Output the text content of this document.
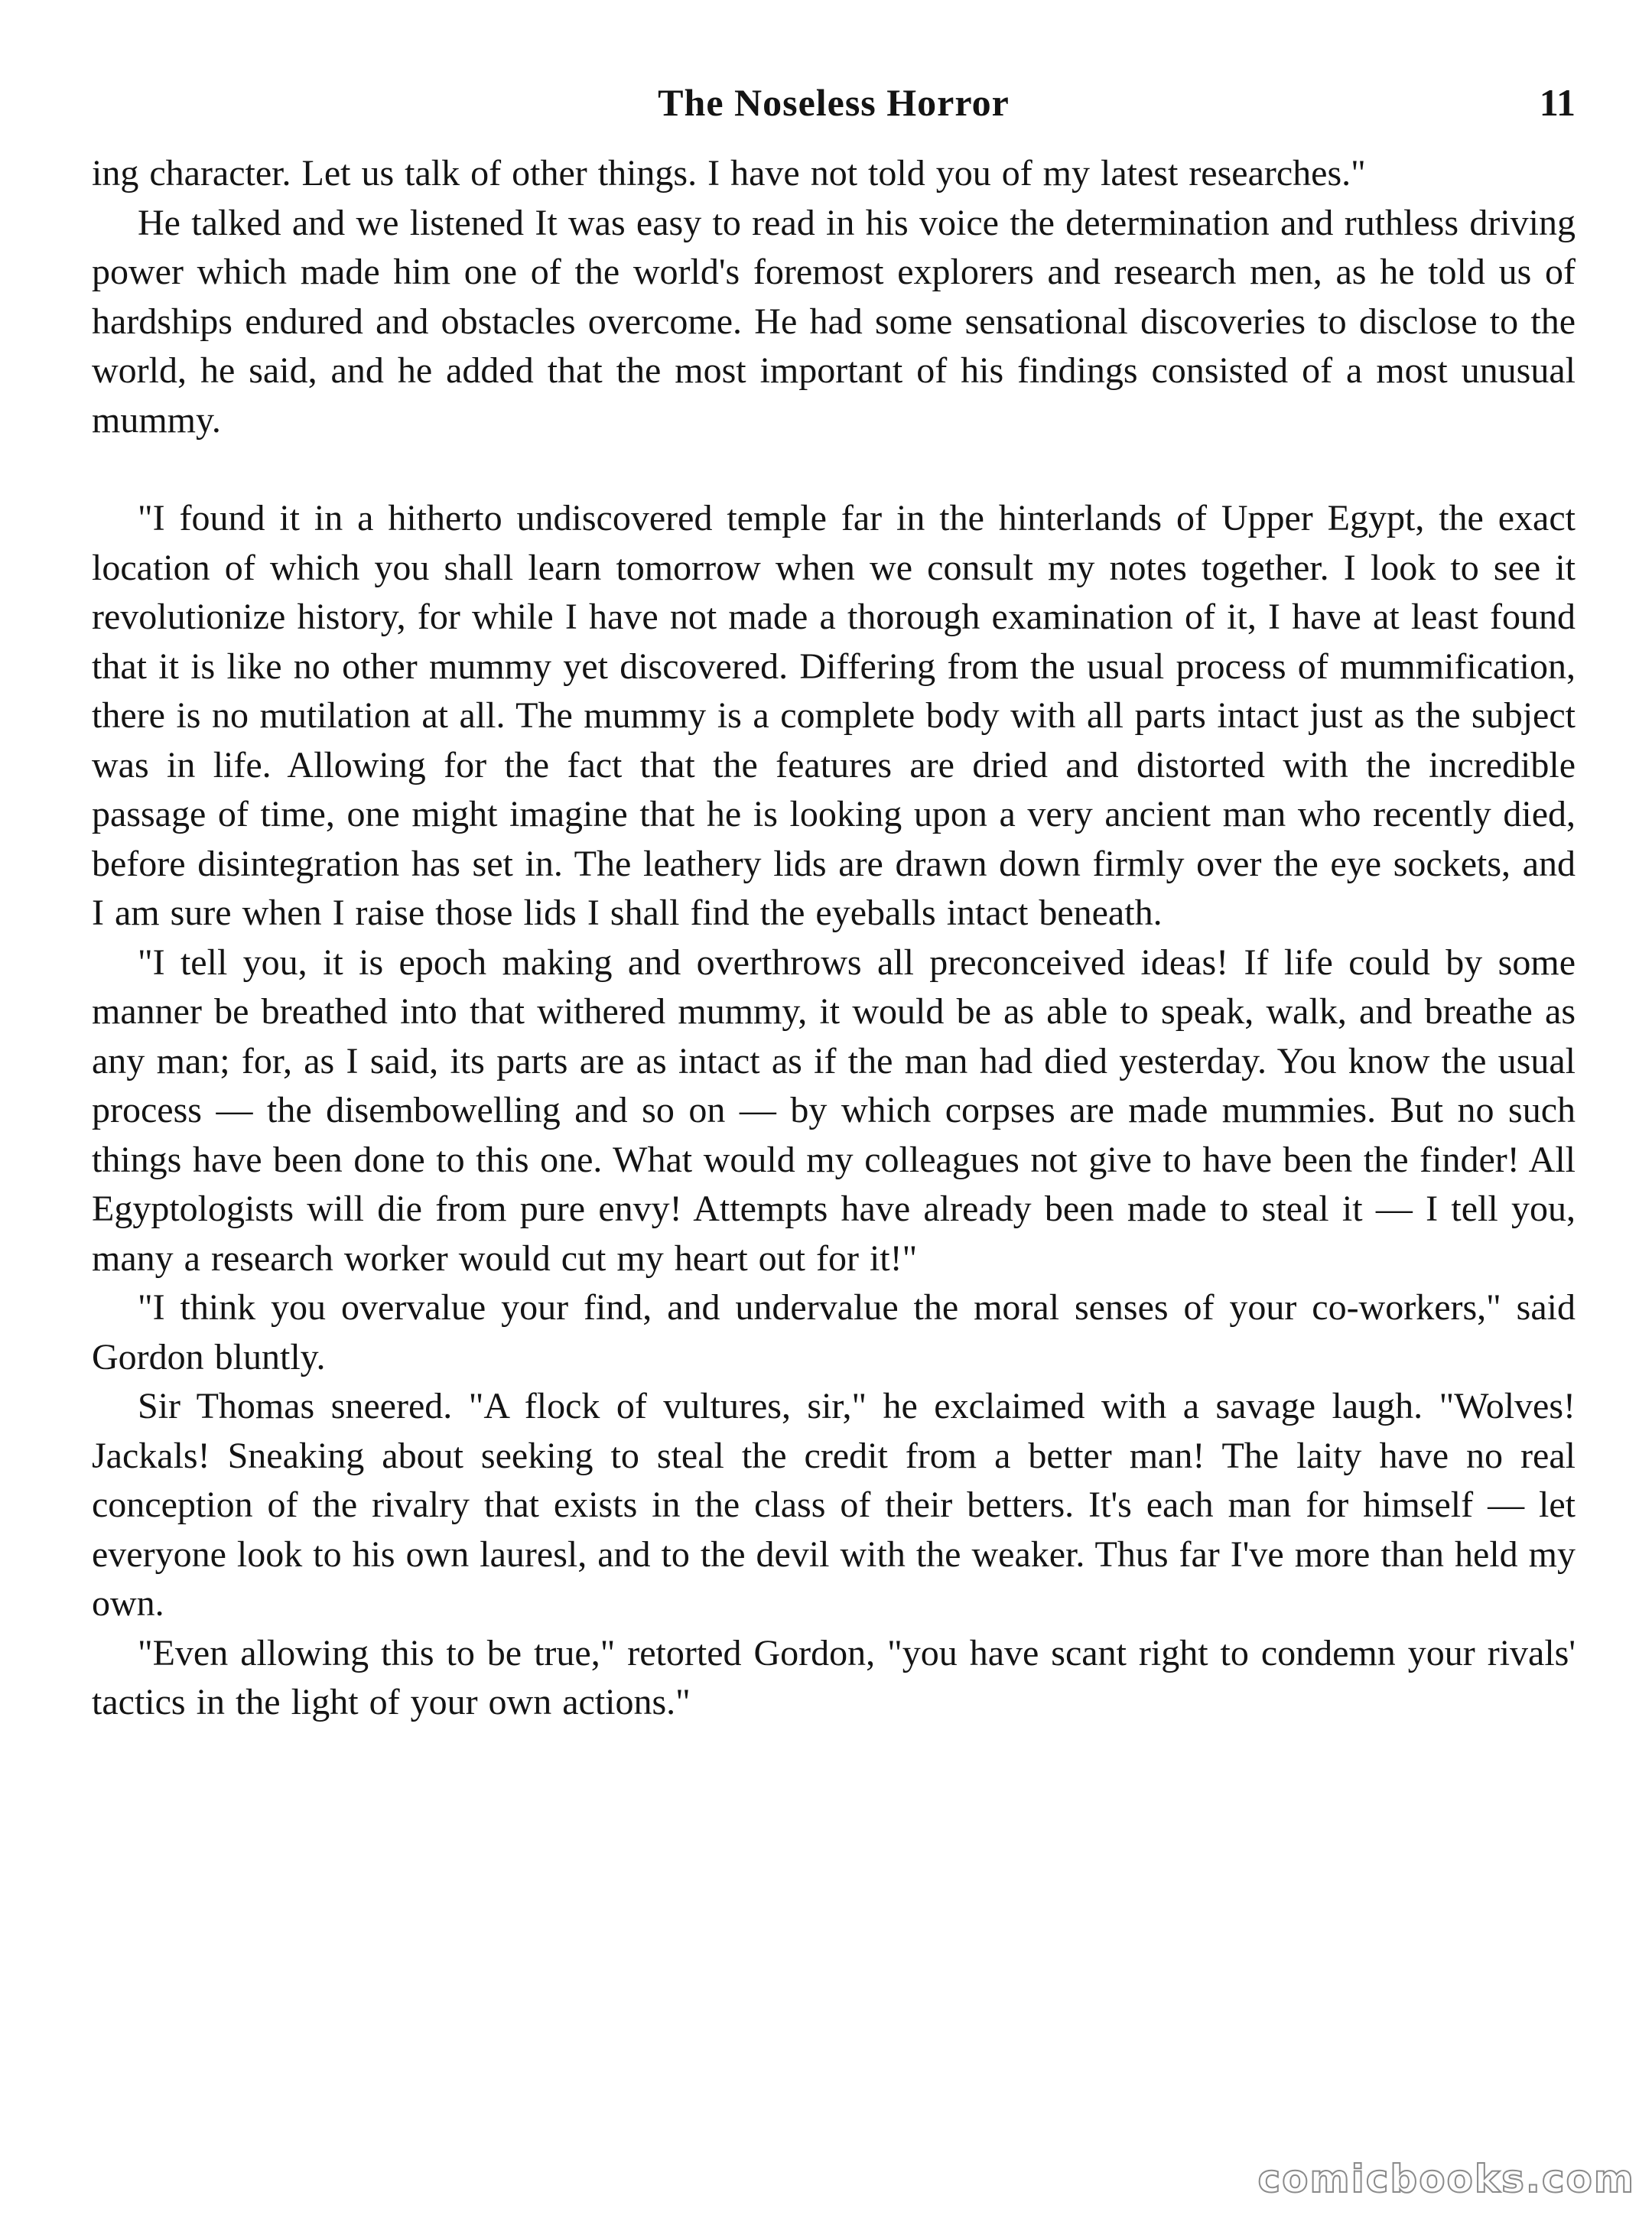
The Noseless Horror	11

ing character. Let us talk of other things. I have not told you of my latest researches."

He talked and we listened It was easy to read in his voice the determination and ruthless driving power which made him one of the world's foremost explorers and research men, as he told us of hardships endured and obstacles overcome. He had some sensational discoveries to disclose to the world, he said, and he added that the most important of his findings consisted of a most unusual mummy.

"I found it in a hitherto undiscovered temple far in the hinterlands of Upper Egypt, the exact location of which you shall learn tomorrow when we consult my notes together. I look to see it revolutionize history, for while I have not made a thorough examination of it, I have at least found that it is like no other mummy yet discovered. Differing from the usual process of mummification, there is no mutilation at all. The mummy is a complete body with all parts intact just as the subject was in life. Allowing for the fact that the features are dried and distorted with the incredible passage of time, one might imagine that he is looking upon a very ancient man who recently died, before disintegration has set in. The leathery lids are drawn down firmly over the eye sockets, and I am sure when I raise those lids I shall find the eyeballs intact beneath.

"I tell you, it is epoch making and overthrows all preconceived ideas! If life could by some manner be breathed into that withered mummy, it would be as able to speak, walk, and breathe as any man; for, as I said, its parts are as intact as if the man had died yesterday. You know the usual process — the disembowelling and so on — by which corpses are made mummies. But no such things have been done to this one. What would my colleagues not give to have been the finder! All Egyptologists will die from pure envy! Attempts have already been made to steal it — I tell you, many a research worker would cut my heart out for it!"

"I think you overvalue your find, and undervalue the moral senses of your co-workers," said Gordon bluntly.

Sir Thomas sneered. "A flock of vultures, sir," he exclaimed with a savage laugh. "Wolves! Jackals! Sneaking about seeking to steal the credit from a better man! The laity have no real conception of the rivalry that exists in the class of their betters. It's each man for himself — let everyone look to his own lauresl, and to the devil with the weaker. Thus far I've more than held my own.

"Even allowing this to be true," retorted Gordon, "you have scant right to condemn your rivals' tactics in the light of your own actions."

comicbooks.com
